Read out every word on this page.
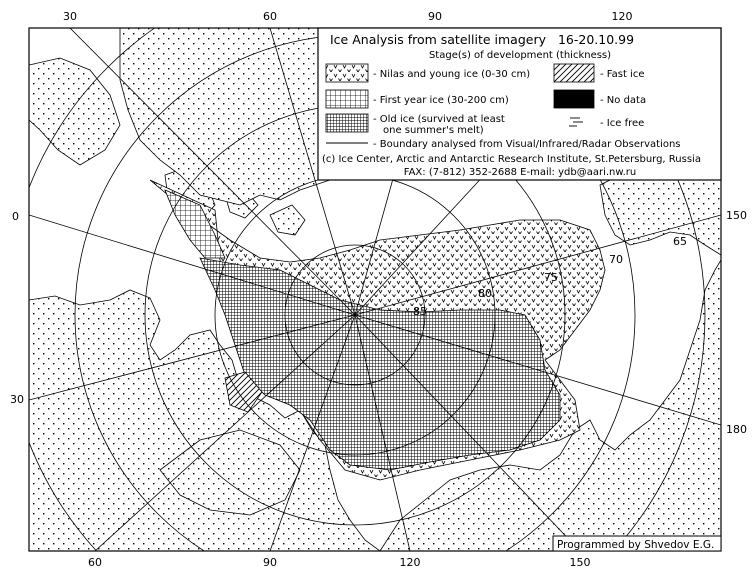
30	60	90	120
60	90	120	150
0
30
150
180
85
80
75
70
65
Ice Analysis from satellite imagery 16-20.10.99
Stage(s) of development (thickness)
- Nilas and young ice (0-30 cm)	- Fast ice
- First year ice (30-200 cm)	- No data
- Old ice (survived at least
one summer's melt)
- Ice free
- Boundary analysed from Visual/Infrared/Radar Observations
(c) Ice Center, Arctic and Antarctic Research Institute, St.Petersburg, Russia
FAX: (7-812) 352-2688 E-mail: ydb@aari.nw.ru
Programmed by Shvedov E.G.
